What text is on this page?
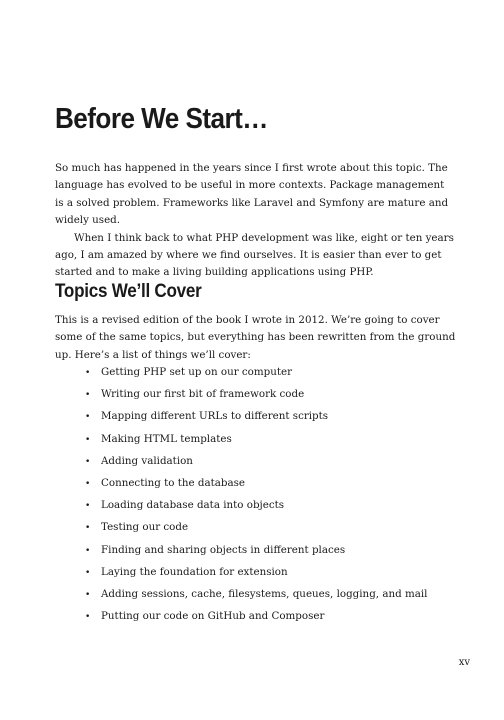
Before We Start…

So much has happened in the years since I first wrote about this topic. The language has evolved to be useful in more contexts. Package management is a solved problem. Frameworks like Laravel and Symfony are mature and widely used.

When I think back to what PHP development was like, eight or ten years ago, I am amazed by where we find ourselves. It is easier than ever to get started and to make a living building applications using PHP.

Topics We’ll Cover

This is a revised edition of the book I wrote in 2012. We’re going to cover some of the same topics, but everything has been rewritten from the ground up. Here’s a list of things we’ll cover:

•	Getting PHP set up on our computer
•	Writing our first bit of framework code
•	Mapping different URLs to different scripts
•	Making HTML templates
•	Adding validation
•	Connecting to the database
•	Loading database data into objects
•	Testing our code
•	Finding and sharing objects in different places
•	Laying the foundation for extension
•	Adding sessions, cache, filesystems, queues, logging, and mail
•	Putting our code on GitHub and Composer
xv
